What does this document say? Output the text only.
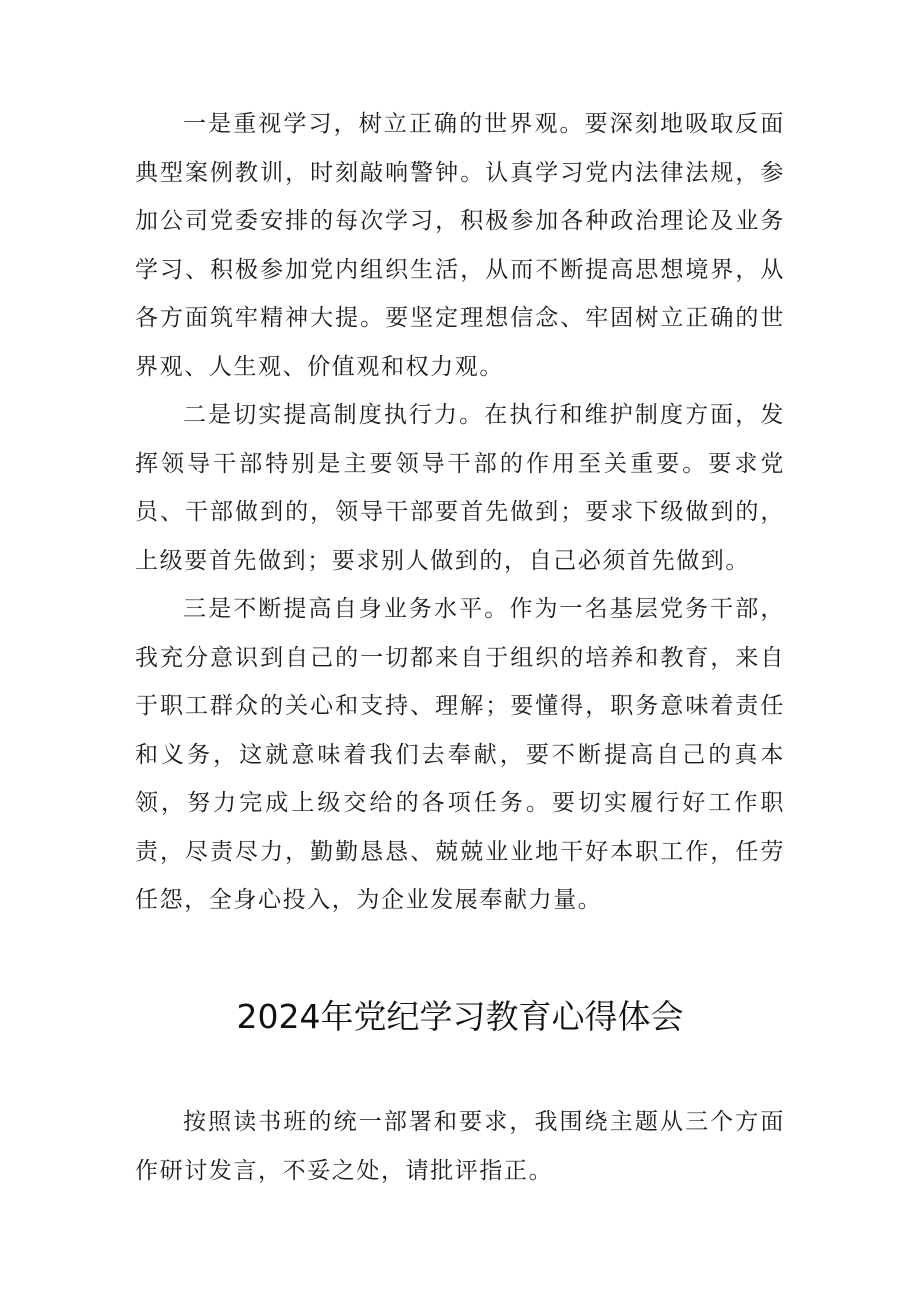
一是重视学习，树立正确的世界观。要深刻地吸取反面典型案例教训，时刻敲响警钟。认真学习党内法律法规，参加公司党委安排的每次学习，积极参加各种政治理论及业务学习、积极参加党内组织生活，从而不断提高思想境界，从各方面筑牢精神大提。要坚定理想信念、牢固树立正确的世界观、人生观、价值观和权力观。

二是切实提高制度执行力。在执行和维护制度方面，发挥领导干部特别是主要领导干部的作用至关重要。要求党员、干部做到的，领导干部要首先做到；要求下级做到的，上级要首先做到；要求别人做到的，自己必须首先做到。

三是不断提高自身业务水平。作为一名基层党务干部，我充分意识到自己的一切都来自于组织的培养和教育，来自于职工群众的关心和支持、理解；要懂得，职务意味着责任和义务，这就意味着我们去奉献，要不断提高自己的真本领，努力完成上级交给的各项任务。要切实履行好工作职责，尽责尽力，勤勤恳恳、兢兢业业地干好本职工作，任劳任怨，全身心投入，为企业发展奉献力量。

2024年党纪学习教育心得体会

按照读书班的统一部署和要求，我围绕主题从三个方面作研讨发言，不妥之处，请批评指正。
